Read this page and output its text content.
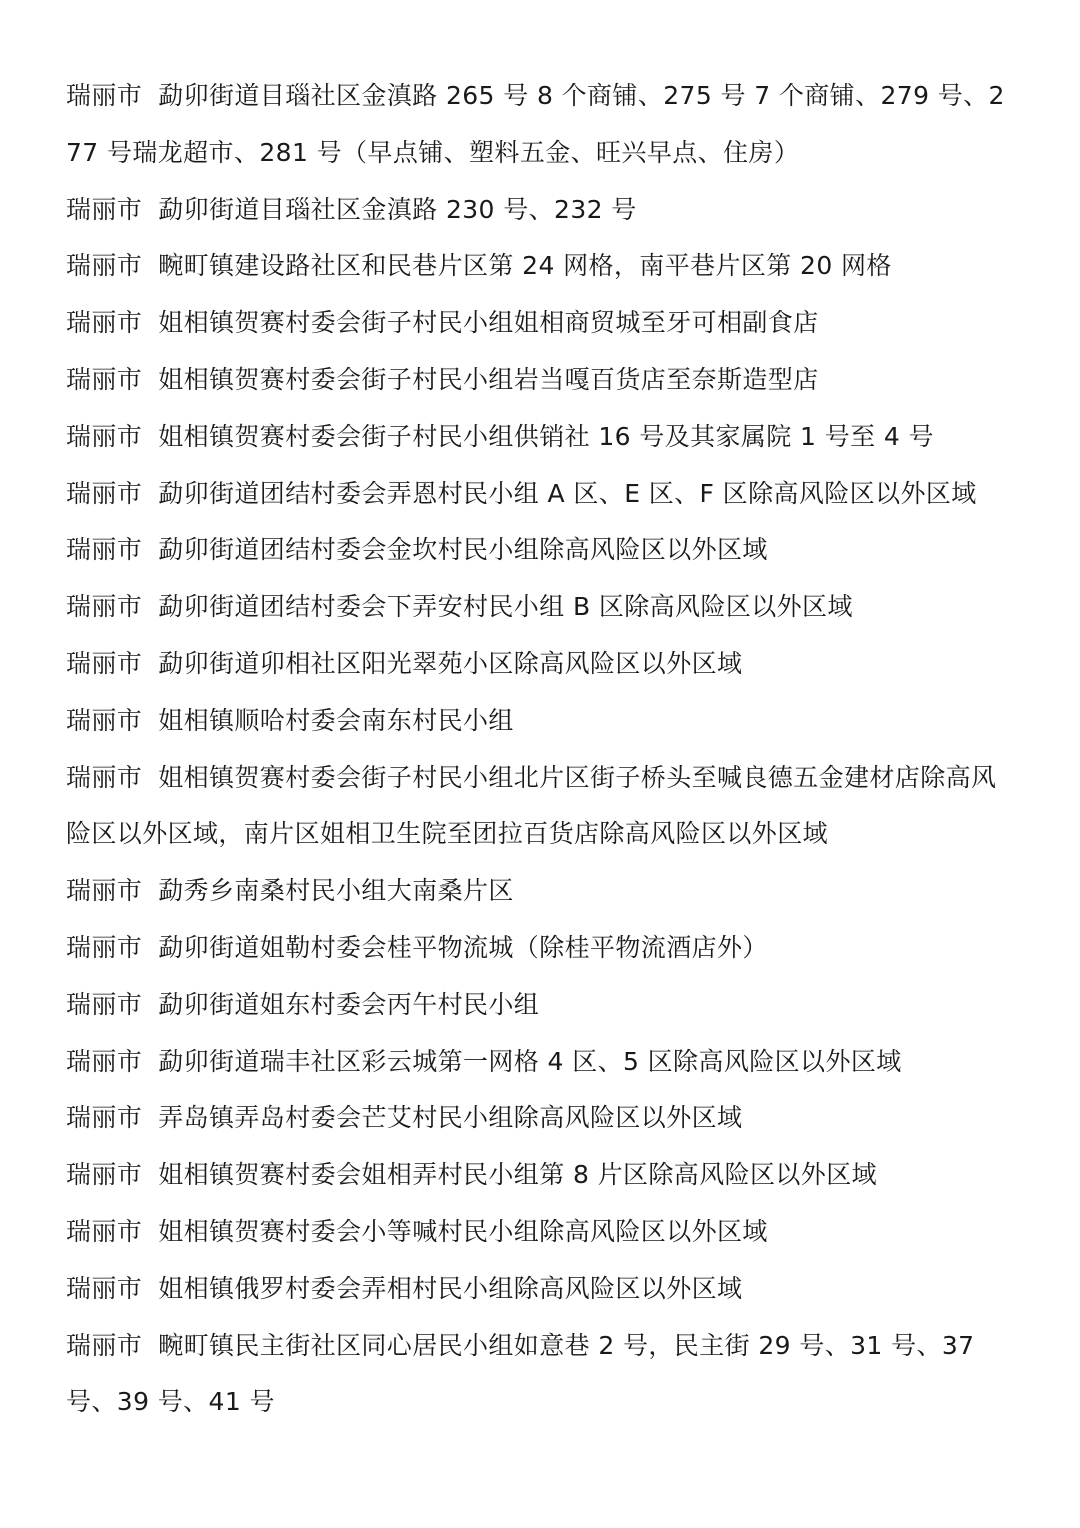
瑞丽市 勐卯街道目瑙社区金滇路 265 号 8 个商铺、275 号 7 个商铺、279 号、277 号瑞龙超市、281 号（早点铺、塑料五金、旺兴早点、住房）

瑞丽市 勐卯街道目瑙社区金滇路 230 号、232 号

瑞丽市 畹町镇建设路社区和民巷片区第 24 网格，南平巷片区第 20 网格

瑞丽市 姐相镇贺赛村委会街子村民小组姐相商贸城至牙可相副食店

瑞丽市 姐相镇贺赛村委会街子村民小组岩当嘎百货店至奈斯造型店

瑞丽市 姐相镇贺赛村委会街子村民小组供销社 16 号及其家属院 1 号至 4 号

瑞丽市 勐卯街道团结村委会弄恩村民小组 A 区、E 区、F 区除高风险区以外区域

瑞丽市 勐卯街道团结村委会金坎村民小组除高风险区以外区域

瑞丽市 勐卯街道团结村委会下弄安村民小组 B 区除高风险区以外区域

瑞丽市 勐卯街道卯相社区阳光翠苑小区除高风险区以外区域

瑞丽市 姐相镇顺哈村委会南东村民小组

瑞丽市 姐相镇贺赛村委会街子村民小组北片区街子桥头至喊良德五金建材店除高风险区以外区域，南片区姐相卫生院至团拉百货店除高风险区以外区域

瑞丽市 勐秀乡南桑村民小组大南桑片区

瑞丽市 勐卯街道姐勒村委会桂平物流城（除桂平物流酒店外）

瑞丽市 勐卯街道姐东村委会丙午村民小组

瑞丽市 勐卯街道瑞丰社区彩云城第一网格 4 区、5 区除高风险区以外区域

瑞丽市 弄岛镇弄岛村委会芒艾村民小组除高风险区以外区域

瑞丽市 姐相镇贺赛村委会姐相弄村民小组第 8 片区除高风险区以外区域

瑞丽市 姐相镇贺赛村委会小等喊村民小组除高风险区以外区域

瑞丽市 姐相镇俄罗村委会弄相村民小组除高风险区以外区域

瑞丽市 畹町镇民主街社区同心居民小组如意巷 2 号，民主街 29 号、31 号、37 号、39 号、41 号
